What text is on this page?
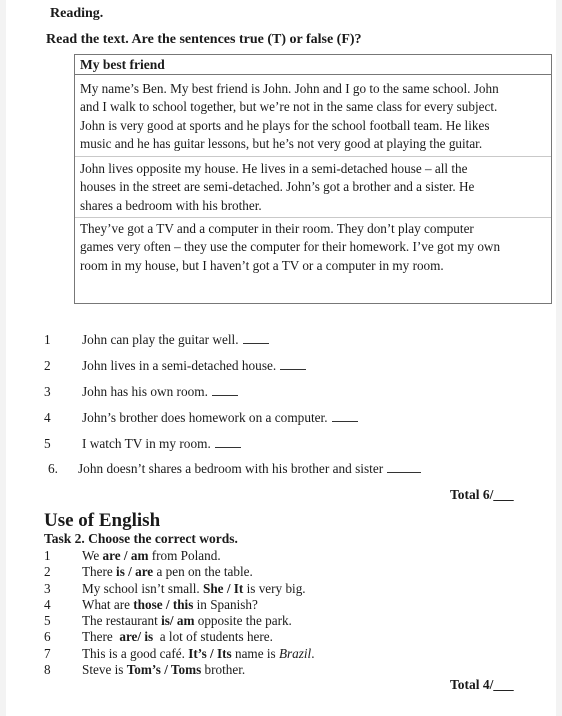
Reading.
Read the text. Are the sentences true (T) or false (F)?
My best friend
My name’s Ben. My best friend is John. John and I go to the same school. John
and I walk to school together, but we’re not in the same class for every subject.
John is very good at sports and he plays for the school football team. He likes
music and he has guitar lessons, but he’s not very good at playing the guitar.
John lives opposite my house. He lives in a semi-detached house – all the
houses in the street are semi-detached. John’s got a brother and a sister. He
shares a bedroom with his brother.
They’ve got a TV and a computer in their room. They don’t play computer
games very often – they use the computer for their homework. I’ve got my own
room in my house, but I haven’t got a TV or a computer in my room.
1 John can play the guitar well.
2 John lives in a semi-detached house.
3 John has his own room.
4 John’s brother does homework on a computer.
5 I watch TV in my room.
6. John doesn’t shares a bedroom with his brother and sister
Total 6/___
Use of English
Task 2. Choose the correct words.
1 We are / am from Poland.
2 There is / are a pen on the table.
3 My school isn’t small. She / It is very big.
4 What are those / this in Spanish?
5 The restaurant is/ am opposite the park.
6 There  are/ is  a lot of students here.
7 This is a good café. It’s / Its name is Brazil.
8 Steve is Tom’s / Toms brother.
Total 4/___
